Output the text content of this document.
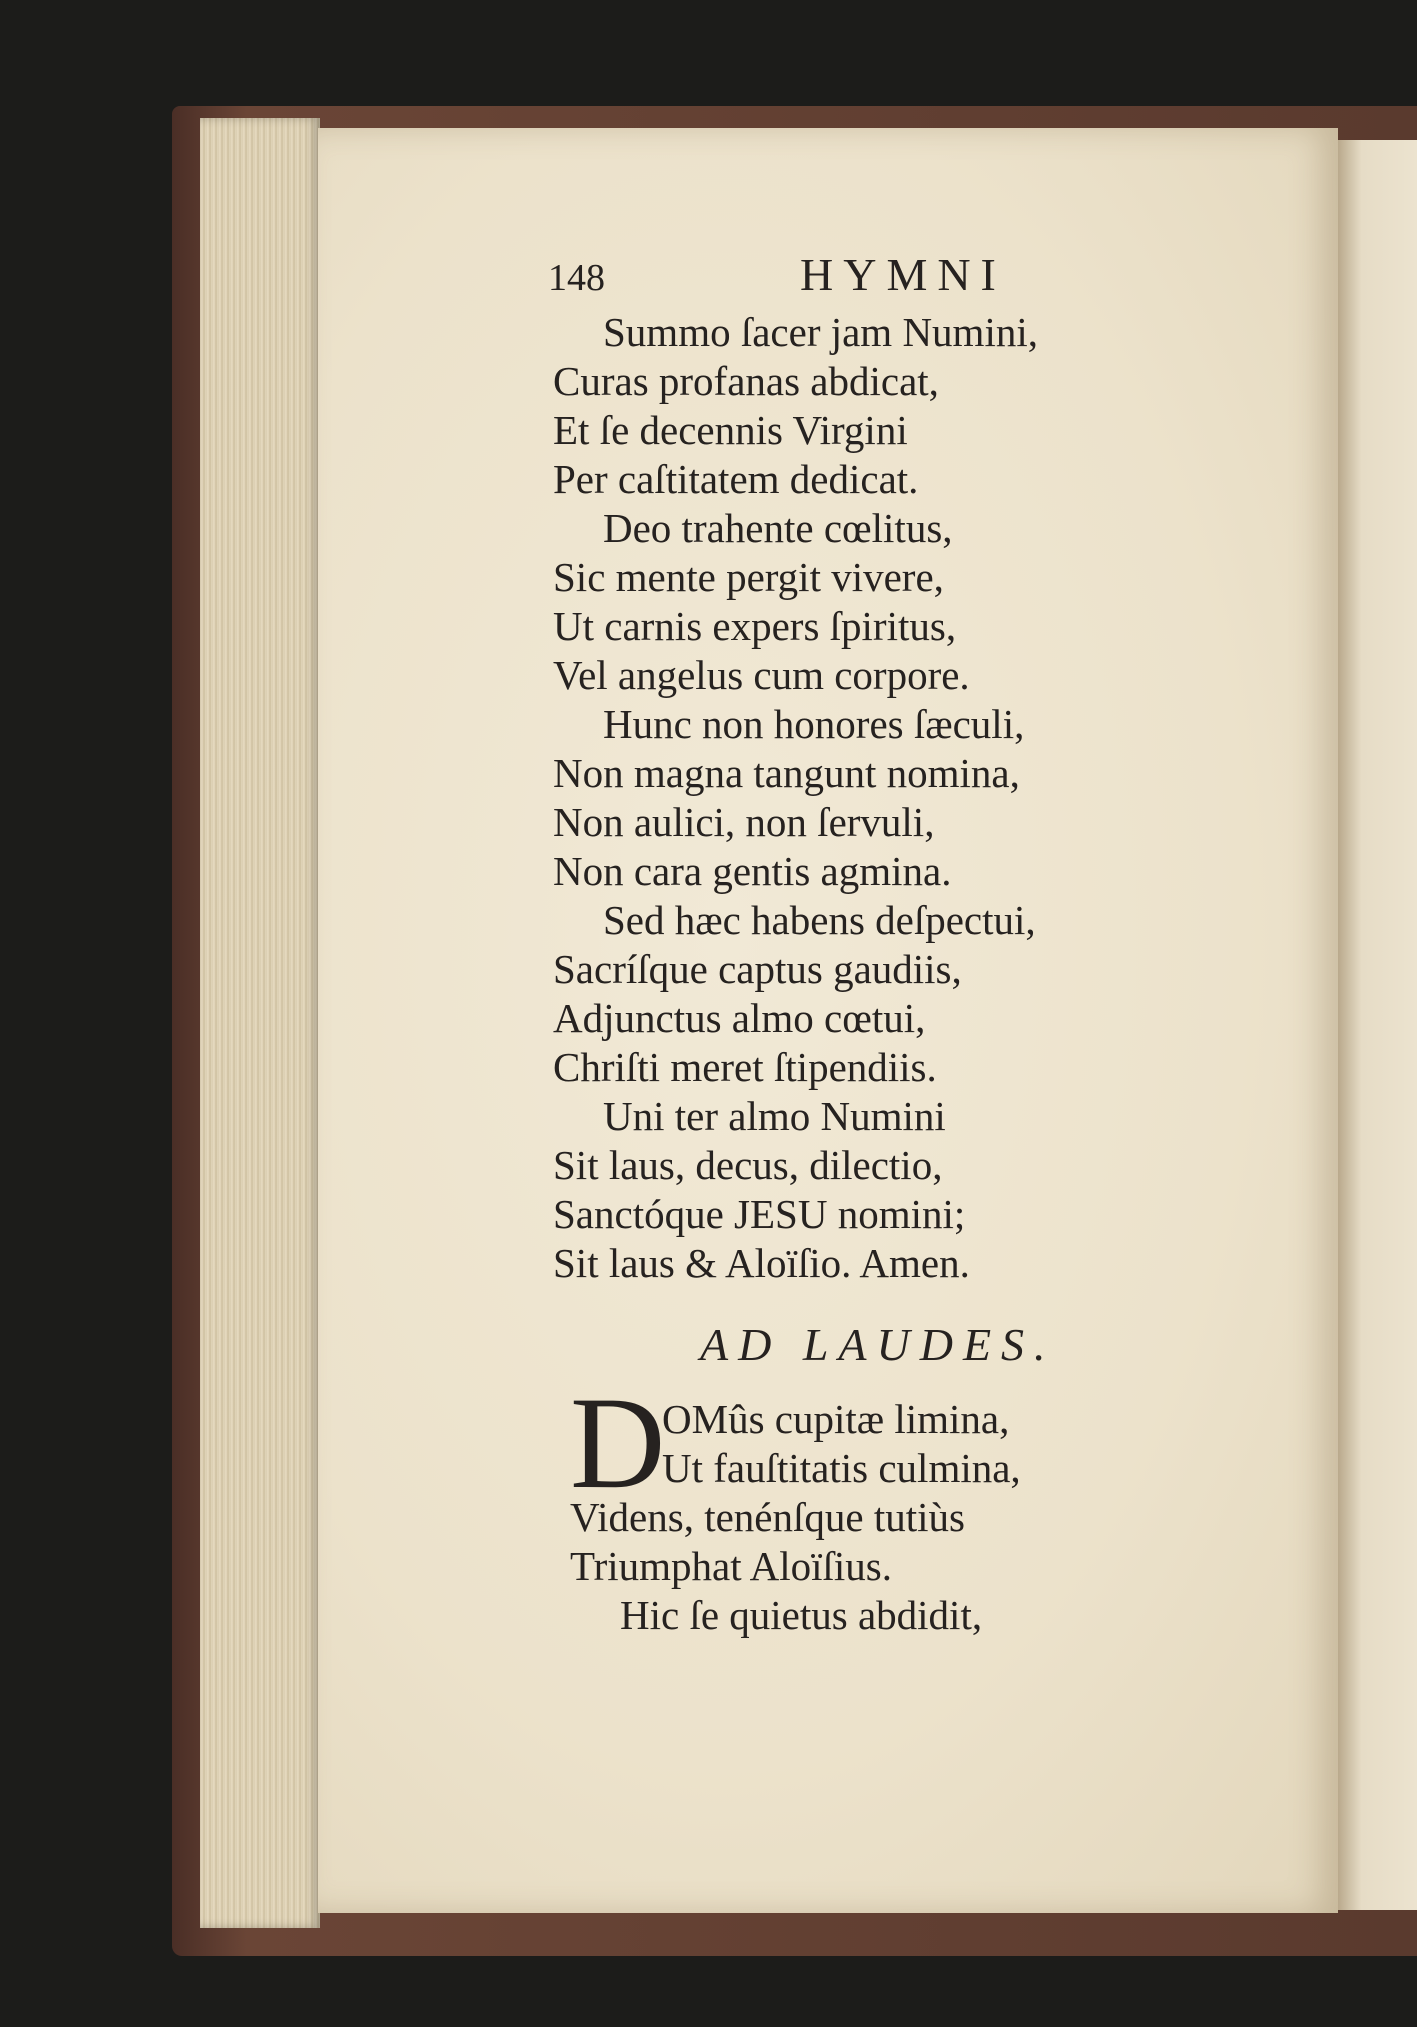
148	HYMNI
Summo ſacer jam Numini,
Curas profanas abdicat,
Et ſe decennis Virgini
Per caſtitatem dedicat.
Deo trahente cœlitus,
Sic mente pergit vivere,
Ut carnis expers ſpiritus,
Vel angelus cum corpore.
Hunc non honores ſæculi,
Non magna tangunt nomina,
Non aulici, non ſervuli,
Non cara gentis agmina.
Sed hæc habens deſpectui,
Sacríſque captus gaudiis,
Adjunctus almo cœtui,
Chriſti meret ſtipendiis.
Uni ter almo Numini
Sit laus, decus, dilectio,
Sanctóque JESU nomini;
Sit laus & Aloïſio. Amen.
AD LAUDES.
D
OMûs cupitæ limina,
Ut fauſtitatis culmina,
Videns, tenénſque tutiùs
Triumphat Aloïſius.
Hic ſe quietus abdidit,
